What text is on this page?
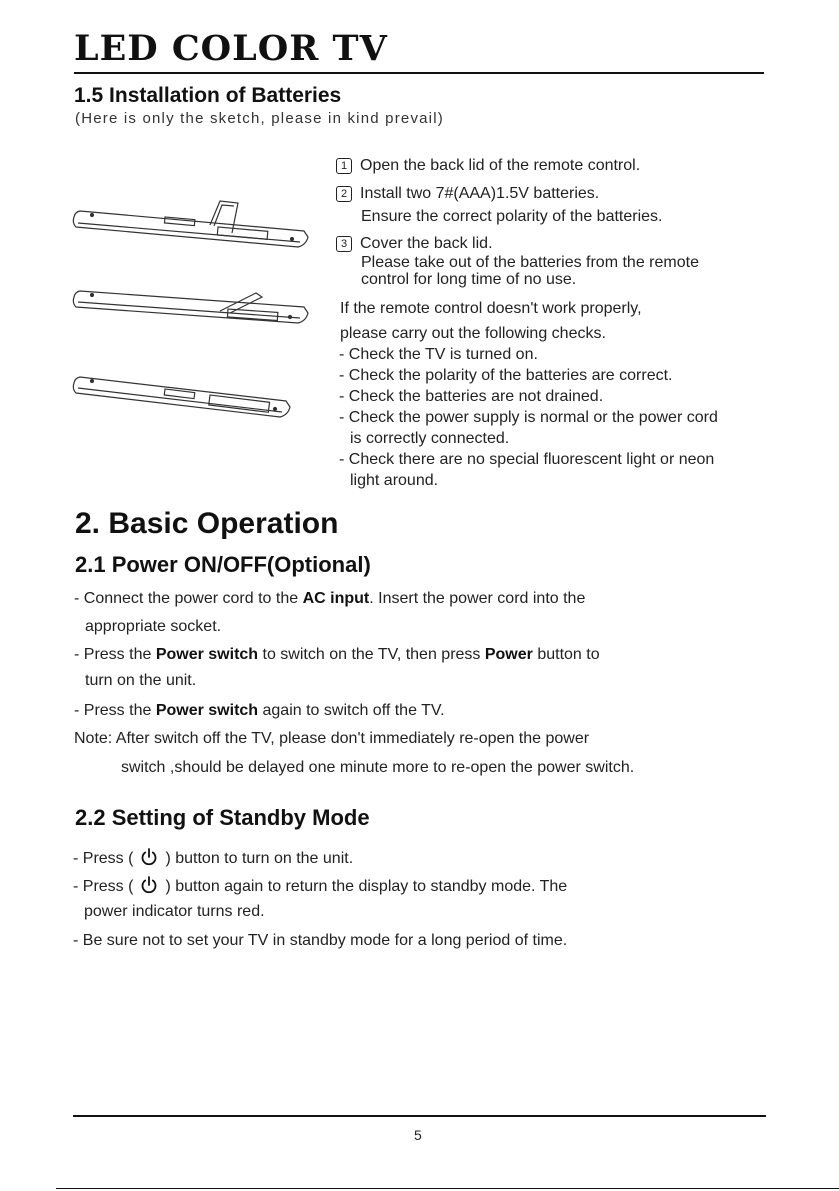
LED COLOR TV
1.5 Installation of Batteries
(Here is only the sketch, please in kind prevail)
1 Open the back lid of the remote control.
2 Install two 7#(AAA)1.5V batteries.
Ensure the correct polarity of the batteries.
3 Cover the back lid.
Please take out of the batteries from the remote
control for long time of no use.
If the remote control doesn't work properly,
please carry out the following checks.
- Check the TV is turned on.
- Check the polarity of the batteries are correct.
- Check the batteries are not drained.
- Check the power supply is normal or the power cord
is correctly connected.
- Check there are no special fluorescent light or neon
light around.
2. Basic Operation
2.1 Power ON/OFF(Optional)
- Connect the power cord to the AC input. Insert the power cord into the
appropriate socket.
- Press the Power switch to switch on the TV, then press Power button to
turn on the unit.
- Press the Power switch again to switch off the TV.
Note: After switch off the TV, please don't immediately re-open the power
switch ,should be delayed one minute more to re-open the power switch.
2.2 Setting of Standby Mode
- Press ( ) button to turn on the unit.
- Press ( ) button again to return the display to standby mode. The
power indicator turns red.
- Be sure not to set your TV in standby mode for a long period of time.
5
